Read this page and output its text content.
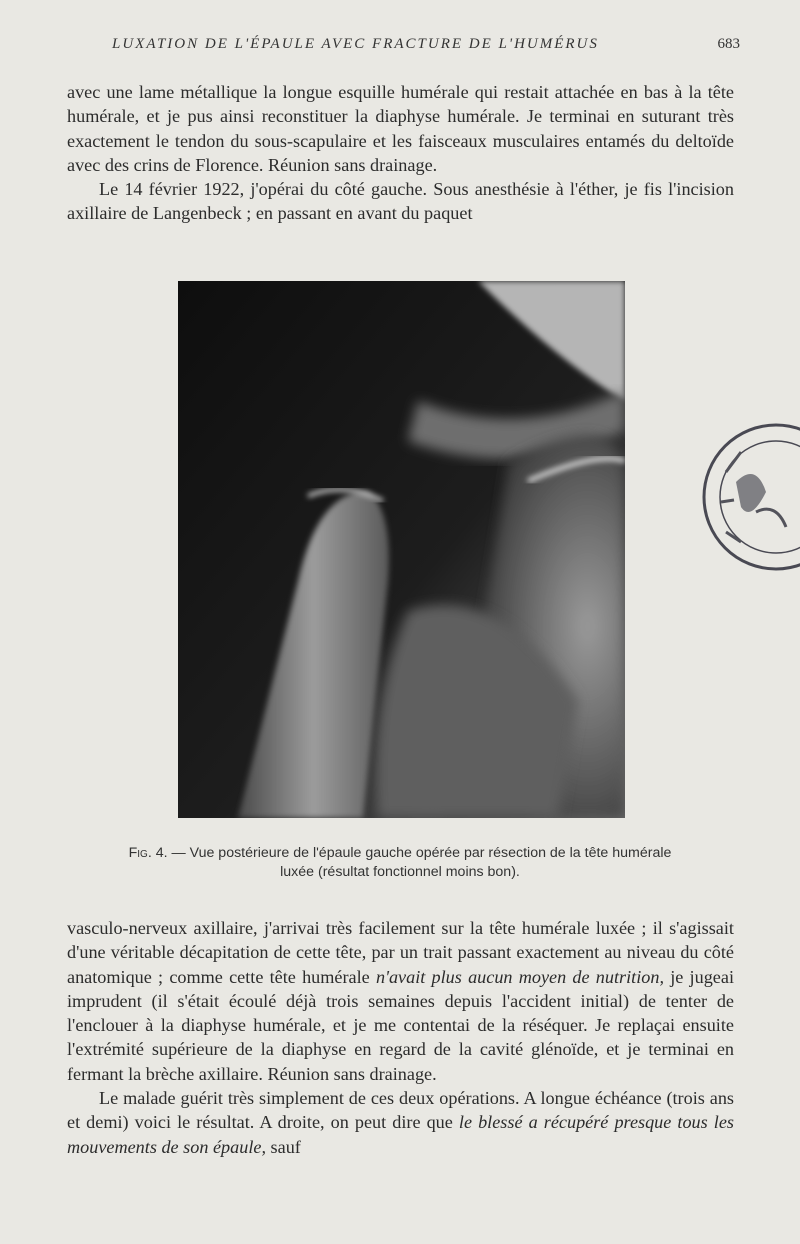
LUXATION DE L'ÉPAULE AVEC FRACTURE DE L'HUMÉRUS	683

avec une lame métallique la longue esquille humérale qui restait attachée en bas à la tête humérale, et je pus ainsi reconstituer la diaphyse humérale. Je terminai en suturant très exactement le tendon du sous-scapulaire et les faisceaux musculaires entamés du deltoïde avec des crins de Florence. Réunion sans drainage.

Le 14 février 1922, j'opérai du côté gauche. Sous anesthésie à l'éther, je fis l'incision axillaire de Langenbeck ; en passant en avant du paquet

Fig. 4. — Vue postérieure de l'épaule gauche opérée par résection de la tête humérale luxée (résultat fonctionnel moins bon).

vasculo-nerveux axillaire, j'arrivai très facilement sur la tête humérale luxée ; il s'agissait d'une véritable décapitation de cette tête, par un trait passant exactement au niveau du côté anatomique ; comme cette tête humérale n'avait plus aucun moyen de nutrition, je jugeai imprudent (il s'était écoulé déjà trois semaines depuis l'accident initial) de tenter de l'enclouer à la diaphyse humérale, et je me contentai de la réséquer. Je replaçai ensuite l'extrémité supérieure de la diaphyse en regard de la cavité glénoïde, et je terminai en fermant la brèche axillaire. Réunion sans drainage.

Le malade guérit très simplement de ces deux opérations. A longue échéance (trois ans et demi) voici le résultat. A droite, on peut dire que le blessé a récupéré presque tous les mouvements de son épaule, sauf
